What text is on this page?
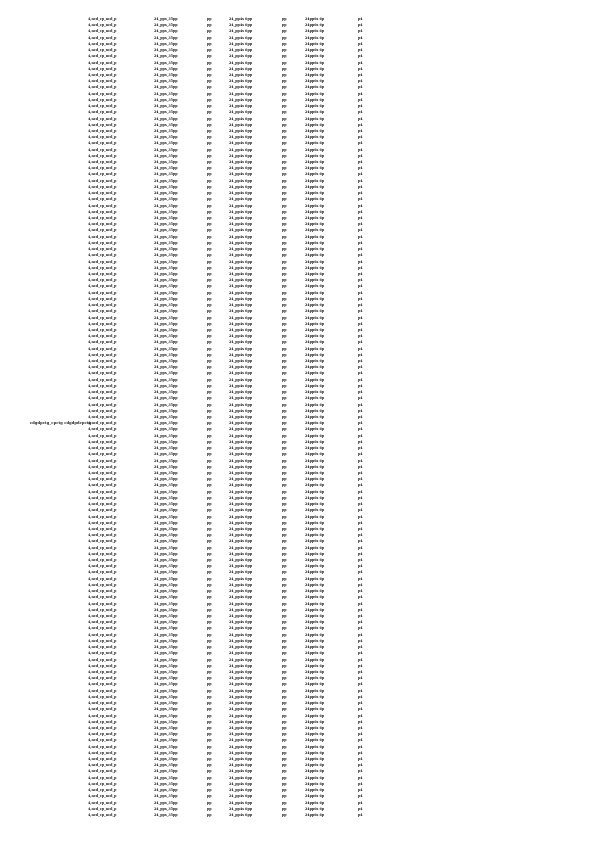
cdgdpctg_cpctg cdgdpdcpctg
4,ncd_cp_ncd_p	24_pps_35pp	pp	24_pp4s 6pp	pp	24pp6s 6p	p4
4,ncd_cp_ncd_p	24_pps_35pp	pp	24_pp4s 6pp	pp	24pp6s 6p	p4
4,ncd_cp_ncd_p	24_pps_35pp	pp	24_pp4s 6pp	pp	24pp6s 6p	p4
4,ncd_cp_ncd_p	24_pps_35pp	pp	24_pp4s 6pp	pp	24pp6s 6p	p4
4,ncd_cp_ncd_p	24_pps_35pp	pp	24_pp4s 6pp	pp	24pp6s 6p	p4
4,ncd_cp_ncd_p	24_pps_35pp	pp	24_pp4s 6pp	pp	24pp6s 6p	p4
4,ncd_cp_ncd_p	24_pps_35pp	pp	24_pp4s 6pp	pp	24pp6s 6p	p4
4,ncd_cp_ncd_p	24_pps_35pp	pp	24_pp4s 6pp	pp	24pp6s 6p	p4
4,ncd_cp_ncd_p	24_pps_35pp	pp	24_pp4s 6pp	pp	24pp6s 6p	p4
4,ncd_cp_ncd_p	24_pps_35pp	pp	24_pp4s 6pp	pp	24pp6s 6p	p4
4,ncd_cp_ncd_p	24_pps_35pp	pp	24_pp4s 6pp	pp	24pp6s 6p	p4
4,ncd_cp_ncd_p	24_pps_35pp	pp	24_pp4s 6pp	pp	24pp6s 6p	p4
4,ncd_cp_ncd_p	24_pps_35pp	pp	24_pp4s 6pp	pp	24pp6s 6p	p4
4,ncd_cp_ncd_p	24_pps_35pp	pp	24_pp4s 6pp	pp	24pp6s 6p	p4
4,ncd_cp_ncd_p	24_pps_35pp	pp	24_pp4s 6pp	pp	24pp6s 6p	p4
4,ncd_cp_ncd_p	24_pps_35pp	pp	24_pp4s 6pp	pp	24pp6s 6p	p4
4,ncd_cp_ncd_p	24_pps_35pp	pp	24_pp4s 6pp	pp	24pp6s 6p	p4
4,ncd_cp_ncd_p	24_pps_35pp	pp	24_pp4s 6pp	pp	24pp6s 6p	p4
4,ncd_cp_ncd_p	24_pps_35pp	pp	24_pp4s 6pp	pp	24pp6s 6p	p4
4,ncd_cp_ncd_p	24_pps_35pp	pp	24_pp4s 6pp	pp	24pp6s 6p	p4
4,ncd_cp_ncd_p	24_pps_35pp	pp	24_pp4s 6pp	pp	24pp6s 6p	p4
4,ncd_cp_ncd_p	24_pps_35pp	pp	24_pp4s 6pp	pp	24pp6s 6p	p4
4,ncd_cp_ncd_p	24_pps_35pp	pp	24_pp4s 6pp	pp	24pp6s 6p	p4
4,ncd_cp_ncd_p	24_pps_35pp	pp	24_pp4s 6pp	pp	24pp6s 6p	p4
4,ncd_cp_ncd_p	24_pps_35pp	pp	24_pp4s 6pp	pp	24pp6s 6p	p4
4,ncd_cp_ncd_p	24_pps_35pp	pp	24_pp4s 6pp	pp	24pp6s 6p	p4
4,ncd_cp_ncd_p	24_pps_35pp	pp	24_pp4s 6pp	pp	24pp6s 6p	p4
4,ncd_cp_ncd_p	24_pps_35pp	pp	24_pp4s 6pp	pp	24pp6s 6p	p4
4,ncd_cp_ncd_p	24_pps_35pp	pp	24_pp4s 6pp	pp	24pp6s 6p	p4
4,ncd_cp_ncd_p	24_pps_35pp	pp	24_pp4s 6pp	pp	24pp6s 6p	p4
4,ncd_cp_ncd_p	24_pps_35pp	pp	24_pp4s 6pp	pp	24pp6s 6p	p4
4,ncd_cp_ncd_p	24_pps_35pp	pp	24_pp4s 6pp	pp	24pp6s 6p	p4
4,ncd_cp_ncd_p	24_pps_35pp	pp	24_pp4s 6pp	pp	24pp6s 6p	p4
4,ncd_cp_ncd_p	24_pps_35pp	pp	24_pp4s 6pp	pp	24pp6s 6p	p4
4,ncd_cp_ncd_p	24_pps_35pp	pp	24_pp4s 6pp	pp	24pp6s 6p	p4
4,ncd_cp_ncd_p	24_pps_35pp	pp	24_pp4s 6pp	pp	24pp6s 6p	p4
4,ncd_cp_ncd_p	24_pps_35pp	pp	24_pp4s 6pp	pp	24pp6s 6p	p4
4,ncd_cp_ncd_p	24_pps_35pp	pp	24_pp4s 6pp	pp	24pp6s 6p	p4
4,ncd_cp_ncd_p	24_pps_35pp	pp	24_pp4s 6pp	pp	24pp6s 6p	p4
4,ncd_cp_ncd_p	24_pps_35pp	pp	24_pp4s 6pp	pp	24pp6s 6p	p4
4,ncd_cp_ncd_p	24_pps_35pp	pp	24_pp4s 6pp	pp	24pp6s 6p	p4
4,ncd_cp_ncd_p	24_pps_35pp	pp	24_pp4s 6pp	pp	24pp6s 6p	p4
4,ncd_cp_ncd_p	24_pps_35pp	pp	24_pp4s 6pp	pp	24pp6s 6p	p4
4,ncd_cp_ncd_p	24_pps_35pp	pp	24_pp4s 6pp	pp	24pp6s 6p	p4
4,ncd_cp_ncd_p	24_pps_35pp	pp	24_pp4s 6pp	pp	24pp6s 6p	p4
4,ncd_cp_ncd_p	24_pps_35pp	pp	24_pp4s 6pp	pp	24pp6s 6p	p4
4,ncd_cp_ncd_p	24_pps_35pp	pp	24_pp4s 6pp	pp	24pp6s 6p	p4
4,ncd_cp_ncd_p	24_pps_35pp	pp	24_pp4s 6pp	pp	24pp6s 6p	p4
4,ncd_cp_ncd_p	24_pps_35pp	pp	24_pp4s 6pp	pp	24pp6s 6p	p4
4,ncd_cp_ncd_p	24_pps_35pp	pp	24_pp4s 6pp	pp	24pp6s 6p	p4
4,ncd_cp_ncd_p	24_pps_35pp	pp	24_pp4s 6pp	pp	24pp6s 6p	p4
4,ncd_cp_ncd_p	24_pps_35pp	pp	24_pp4s 6pp	pp	24pp6s 6p	p4
4,ncd_cp_ncd_p	24_pps_35pp	pp	24_pp4s 6pp	pp	24pp6s 6p	p4
4,ncd_cp_ncd_p	24_pps_35pp	pp	24_pp4s 6pp	pp	24pp6s 6p	p4
4,ncd_cp_ncd_p	24_pps_35pp	pp	24_pp4s 6pp	pp	24pp6s 6p	p4
4,ncd_cp_ncd_p	24_pps_35pp	pp	24_pp4s 6pp	pp	24pp6s 6p	p4
4,ncd_cp_ncd_p	24_pps_35pp	pp	24_pp4s 6pp	pp	24pp6s 6p	p4
4,ncd_cp_ncd_p	24_pps_35pp	pp	24_pp4s 6pp	pp	24pp6s 6p	p4
4,ncd_cp_ncd_p	24_pps_35pp	pp	24_pp4s 6pp	pp	24pp6s 6p	p4
4,ncd_cp_ncd_p	24_pps_35pp	pp	24_pp4s 6pp	pp	24pp6s 6p	p4
4,ncd_cp_ncd_p	24_pps_35pp	pp	24_pp4s 6pp	pp	24pp6s 6p	p4
4,ncd_cp_ncd_p	24_pps_35pp	pp	24_pp4s 6pp	pp	24pp6s 6p	p4
4,ncd_cp_ncd_p	24_pps_35pp	pp	24_pp4s 6pp	pp	24pp6s 6p	p4
4,ncd_cp_ncd_p	24_pps_35pp	pp	24_pp4s 6pp	pp	24pp6s 6p	p4
4,ncd_cp_ncd_p	24_pps_35pp	pp	24_pp4s 6pp	pp	24pp6s 6p	p4
4,ncd_cp_ncd_p	24_pps_35pp	pp	24_pp4s 6pp	pp	24pp6s 6p	p4
4,ncd_cp_ncd_p	24_pps_35pp	pp	24_pp4s 6pp	pp	24pp6s 6p	p4
4,ncd_cp_ncd_p	24_pps_35pp	pp	24_pp4s 6pp	pp	24pp6s 6p	p4
4,ncd_cp_ncd_p	24_pps_35pp	pp	24_pp4s 6pp	pp	24pp6s 6p	p4
4,ncd_cp_ncd_p	24_pps_35pp	pp	24_pp4s 6pp	pp	24pp6s 6p	p4
4,ncd_cp_ncd_p	24_pps_35pp	pp	24_pp4s 6pp	pp	24pp6s 6p	p4
4,ncd_cp_ncd_p	24_pps_35pp	pp	24_pp4s 6pp	pp	24pp6s 6p	p4
4,ncd_cp_ncd_p	24_pps_35pp	pp	24_pp4s 6pp	pp	24pp6s 6p	p4
4,ncd_cp_ncd_p	24_pps_35pp	pp	24_pp4s 6pp	pp	24pp6s 6p	p4
4,ncd_cp_ncd_p	24_pps_35pp	pp	24_pp4s 6pp	pp	24pp6s 6p	p4
4,ncd_cp_ncd_p	24_pps_35pp	pp	24_pp4s 6pp	pp	24pp6s 6p	p4
4,ncd_cp_ncd_p	24_pps_35pp	pp	24_pp4s 6pp	pp	24pp6s 6p	p4
4,ncd_cp_ncd_p	24_pps_35pp	pp	24_pp4s 6pp	pp	24pp6s 6p	p4
4,ncd_cp_ncd_p	24_pps_35pp	pp	24_pp4s 6pp	pp	24pp6s 6p	p4
4,ncd_cp_ncd_p	24_pps_35pp	pp	24_pp4s 6pp	pp	24pp6s 6p	p4
4,ncd_cp_ncd_p	24_pps_35pp	pp	24_pp4s 6pp	pp	24pp6s 6p	p4
4,ncd_cp_ncd_p	24_pps_35pp	pp	24_pp4s 6pp	pp	24pp6s 6p	p4
4,ncd_cp_ncd_p	24_pps_35pp	pp	24_pp4s 6pp	pp	24pp6s 6p	p4
4,ncd_cp_ncd_p	24_pps_35pp	pp	24_pp4s 6pp	pp	24pp6s 6p	p4
4,ncd_cp_ncd_p	24_pps_35pp	pp	24_pp4s 6pp	pp	24pp6s 6p	p4
4,ncd_cp_ncd_p	24_pps_35pp	pp	24_pp4s 6pp	pp	24pp6s 6p	p4
4,ncd_cp_ncd_p	24_pps_35pp	pp	24_pp4s 6pp	pp	24pp6s 6p	p4
4,ncd_cp_ncd_p	24_pps_35pp	pp	24_pp4s 6pp	pp	24pp6s 6p	p4
4,ncd_cp_ncd_p	24_pps_35pp	pp	24_pp4s 6pp	pp	24pp6s 6p	p4
4,ncd_cp_ncd_p	24_pps_35pp	pp	24_pp4s 6pp	pp	24pp6s 6p	p4
4,ncd_cp_ncd_p	24_pps_35pp	pp	24_pp4s 6pp	pp	24pp6s 6p	p4
4,ncd_cp_ncd_p	24_pps_35pp	pp	24_pp4s 6pp	pp	24pp6s 6p	p4
4,ncd_cp_ncd_p	24_pps_35pp	pp	24_pp4s 6pp	pp	24pp6s 6p	p4
4,ncd_cp_ncd_p	24_pps_35pp	pp	24_pp4s 6pp	pp	24pp6s 6p	p4
4,ncd_cp_ncd_p	24_pps_35pp	pp	24_pp4s 6pp	pp	24pp6s 6p	p4
4,ncd_cp_ncd_p	24_pps_35pp	pp	24_pp4s 6pp	pp	24pp6s 6p	p4
4,ncd_cp_ncd_p	24_pps_35pp	pp	24_pp4s 6pp	pp	24pp6s 6p	p4
4,ncd_cp_ncd_p	24_pps_35pp	pp	24_pp4s 6pp	pp	24pp6s 6p	p4
4,ncd_cp_ncd_p	24_pps_35pp	pp	24_pp4s 6pp	pp	24pp6s 6p	p4
4,ncd_cp_ncd_p	24_pps_35pp	pp	24_pp4s 6pp	pp	24pp6s 6p	p4
4,ncd_cp_ncd_p	24_pps_35pp	pp	24_pp4s 6pp	pp	24pp6s 6p	p4
4,ncd_cp_ncd_p	24_pps_35pp	pp	24_pp4s 6pp	pp	24pp6s 6p	p4
4,ncd_cp_ncd_p	24_pps_35pp	pp	24_pp4s 6pp	pp	24pp6s 6p	p4
4,ncd_cp_ncd_p	24_pps_35pp	pp	24_pp4s 6pp	pp	24pp6s 6p	p4
4,ncd_cp_ncd_p	24_pps_35pp	pp	24_pp4s 6pp	pp	24pp6s 6p	p4
4,ncd_cp_ncd_p	24_pps_35pp	pp	24_pp4s 6pp	pp	24pp6s 6p	p4
4,ncd_cp_ncd_p	24_pps_35pp	pp	24_pp4s 6pp	pp	24pp6s 6p	p4
4,ncd_cp_ncd_p	24_pps_35pp	pp	24_pp4s 6pp	pp	24pp6s 6p	p4
4,ncd_cp_ncd_p	24_pps_35pp	pp	24_pp4s 6pp	pp	24pp6s 6p	p4
4,ncd_cp_ncd_p	24_pps_35pp	pp	24_pp4s 6pp	pp	24pp6s 6p	p4
4,ncd_cp_ncd_p	24_pps_35pp	pp	24_pp4s 6pp	pp	24pp6s 6p	p4
4,ncd_cp_ncd_p	24_pps_35pp	pp	24_pp4s 6pp	pp	24pp6s 6p	p4
4,ncd_cp_ncd_p	24_pps_35pp	pp	24_pp4s 6pp	pp	24pp6s 6p	p4
4,ncd_cp_ncd_p	24_pps_35pp	pp	24_pp4s 6pp	pp	24pp6s 6p	p4
4,ncd_cp_ncd_p	24_pps_35pp	pp	24_pp4s 6pp	pp	24pp6s 6p	p4
4,ncd_cp_ncd_p	24_pps_35pp	pp	24_pp4s 6pp	pp	24pp6s 6p	p4
4,ncd_cp_ncd_p	24_pps_35pp	pp	24_pp4s 6pp	pp	24pp6s 6p	p4
4,ncd_cp_ncd_p	24_pps_35pp	pp	24_pp4s 6pp	pp	24pp6s 6p	p4
4,ncd_cp_ncd_p	24_pps_35pp	pp	24_pp4s 6pp	pp	24pp6s 6p	p4
4,ncd_cp_ncd_p	24_pps_35pp	pp	24_pp4s 6pp	pp	24pp6s 6p	p4
4,ncd_cp_ncd_p	24_pps_35pp	pp	24_pp4s 6pp	pp	24pp6s 6p	p4
4,ncd_cp_ncd_p	24_pps_35pp	pp	24_pp4s 6pp	pp	24pp6s 6p	p4
4,ncd_cp_ncd_p	24_pps_35pp	pp	24_pp4s 6pp	pp	24pp6s 6p	p4
4,ncd_cp_ncd_p	24_pps_35pp	pp	24_pp4s 6pp	pp	24pp6s 6p	p4
4,ncd_cp_ncd_p	24_pps_35pp	pp	24_pp4s 6pp	pp	24pp6s 6p	p4
4,ncd_cp_ncd_p	24_pps_35pp	pp	24_pp4s 6pp	pp	24pp6s 6p	p4
4,ncd_cp_ncd_p	24_pps_35pp	pp	24_pp4s 6pp	pp	24pp6s 6p	p4
4,ncd_cp_ncd_p	24_pps_35pp	pp	24_pp4s 6pp	pp	24pp6s 6p	p4
4,ncd_cp_ncd_p	24_pps_35pp	pp	24_pp4s 6pp	pp	24pp6s 6p	p4
